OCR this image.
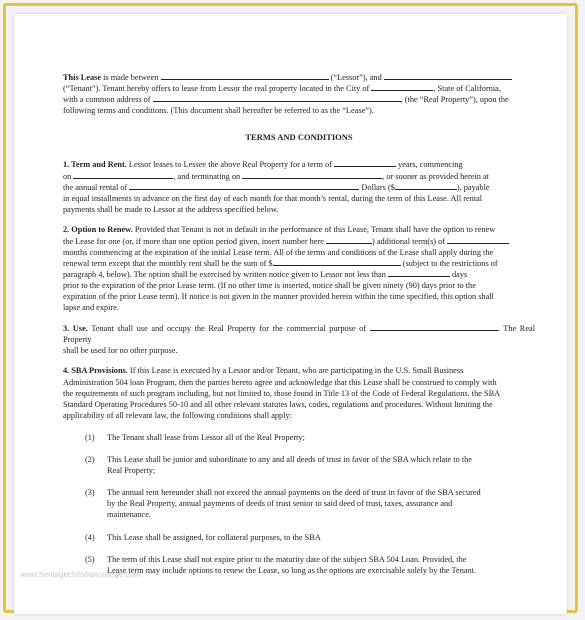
This Lease is made between	(“Lessor”), and

(“Tenant”). Tenant hereby offers to lease from Lessor the real property located in the City of	, State of California,

with a common address of	, (the “Real Property”), upon the

following terms and conditions. (This document shall hereafter be referred to as the “Lease”).

TERMS AND CONDITIONS

1. Term and Rent. Lessor leases to Lessee the above Real Property for a term of	years, commencing

on	, and terminating on	, or sooner as provided herein at

the annual rental of	Dollars ($	), payable

in equal installments in advance on the first day of each month for that month’s rental, during the term of this Lease. All rental

payments shall be made to Lessor at the address specified below.

2. Option to Renew. Provided that Tenant is not in default in the performance of this Lease, Tenant shall have the option to renew

the Lease for one (or, if more than one option period given, insert number here	) additional term(s) of

months commencing at the expiration of the initial Lease term. All of the terms and conditions of the Lease shall apply during the

renewal term except that the monthly rent shall be the sum of $	(subject to the restrictions of

paragraph 4, below). The option shall be exercised by written notice given to Lessor not less than	days

prior to the expiration of the prior Lease term. (If no other time is inserted, notice shall be given ninety (90) days prior to the

expiration of the prior Lease term). If notice is not given in the manner provided herein within the time specified, this option shall

lapse and expire.

3. Use. Tenant shall use and occupy the Real Property for the commercial purpose of	. The Real Property

shall be used for no other purpose.

4. SBA Provisions. If this Lease is executed by a Lessor and/or Tenant, who are participating in the U.S. Small Business

Administration 504 loan Program, then the parties hereto agree and acknowledge that this Lease shall be construed to comply with

the requirements of such program including, but not limited to, those found in Title 13 of the Code of Federal Regulations. the SBA

Standard Operating Procedures 50-10 and all other relevant statutes laws, codes, regulations and procedures. Without limiting the

applicability of all relevant law, the following conditions shall apply:

(1)	The Tenant shall lease from Lessor all of the Real Property;

(2)	This Lease shall be junior and subordinate to any and all deeds of trust in favor of the SBA which relate to the

Real Property;

(3)	The annual rent hereunder shall not exceed the annual payments on the deed of trust in favor of the SBA secured

by the Real Property, annual payments of deeds of trust senior to said deed of trust, taxes, assurance and

maintenance.

(4)	This Lease shall be assigned, for collateral purposes, to the SBA

(5)	The term of this Lease shall not expire prior to the maturity date of the subject SBA 504 Loan. Provided, the

Lease term may include options to renew the Lease, so long as the options are exercisable solely by the Tenant.

www.heritagechristiancollege.com
